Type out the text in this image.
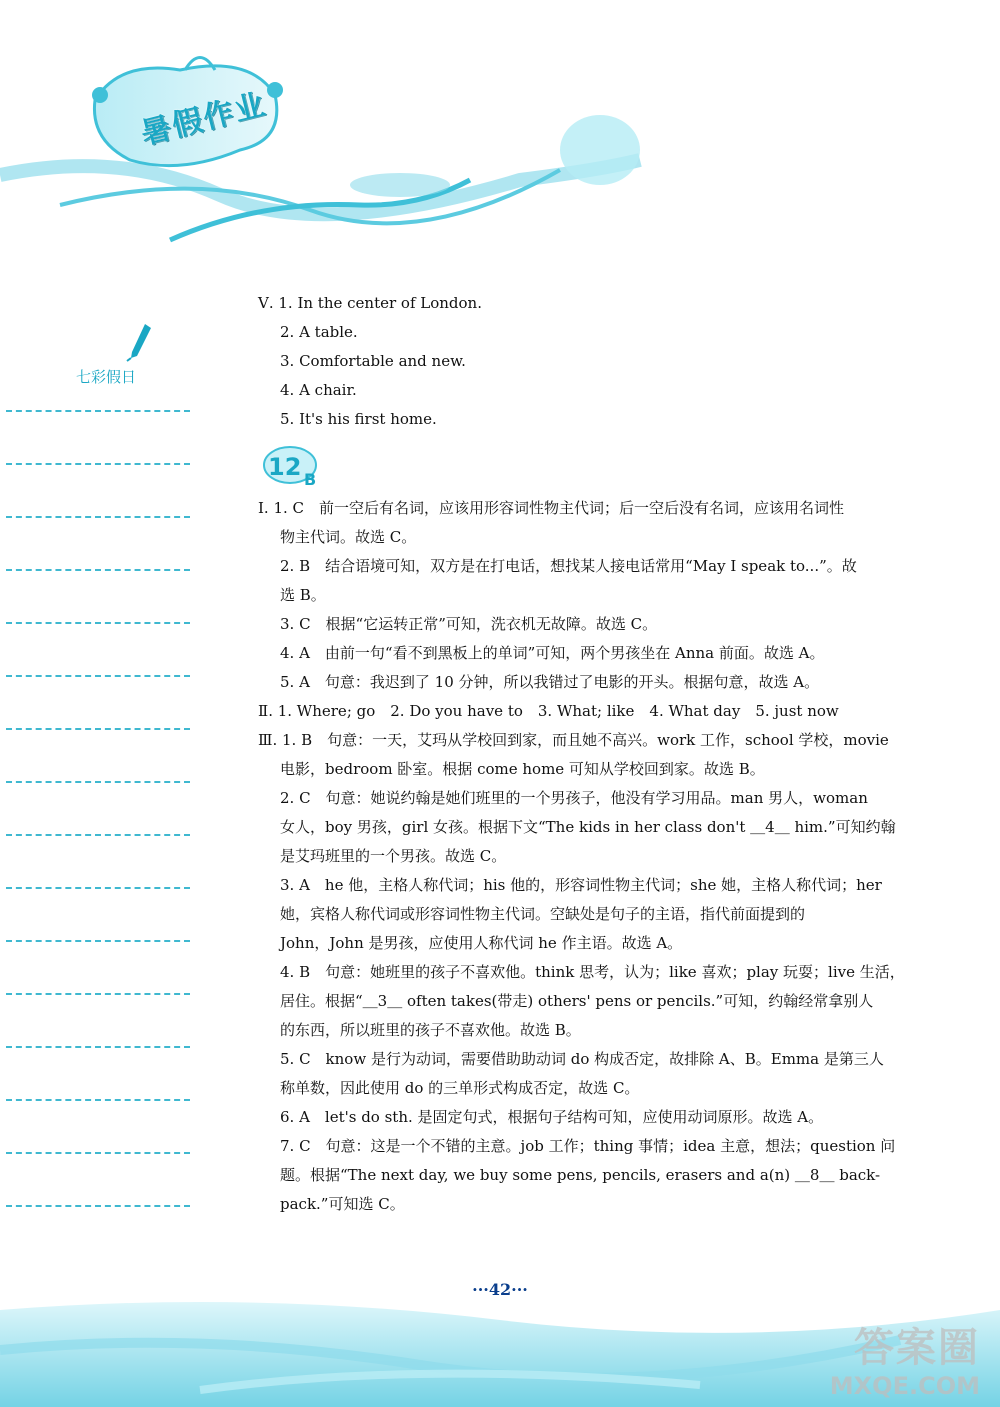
暑假作业
七彩假日
12 B
Ⅴ. 1. In the center of London.
2. A table.
3. Comfortable and new.
4. A chair.
5. It's his first home.
Ⅰ. 1. C　前一空后有名词，应该用形容词性物主代词；后一空后没有名词，应该用名词性
物主代词。故选 C。
2. B　结合语境可知，双方是在打电话，想找某人接电话常用“May I speak to...”。故
选 B。
3. C　根据“它运转正常”可知，洗衣机无故障。故选 C。
4. A　由前一句“看不到黑板上的单词”可知，两个男孩坐在 Anna 前面。故选 A。
5. A　句意：我迟到了 10 分钟，所以我错过了电影的开头。根据句意，故选 A。
Ⅱ. 1. Where; go　2. Do you have to　3. What; like　4. What day　5. just now
Ⅲ. 1. B　句意：一天，艾玛从学校回到家，而且她不高兴。work 工作，school 学校，movie
电影，bedroom 卧室。根据 come home 可知从学校回到家。故选 B。
2. C　句意：她说约翰是她们班里的一个男孩子，他没有学习用品。man 男人，woman
女人，boy 男孩，girl 女孩。根据下文“The kids in her class don't ＿4＿ him.”可知约翰
是艾玛班里的一个男孩。故选 C。
3. A　he 他，主格人称代词；his 他的，形容词性物主代词；she 她，主格人称代词；her
她，宾格人称代词或形容词性物主代词。空缺处是句子的主语，指代前面提到的
John，John 是男孩，应使用人称代词 he 作主语。故选 A。
4. B　句意：她班里的孩子不喜欢他。think 思考，认为；like 喜欢；play 玩耍；live 生活，
居住。根据“＿3＿ often takes(带走) others' pens or pencils.”可知，约翰经常拿别人
的东西，所以班里的孩子不喜欢他。故选 B。
5. C　know 是行为动词，需要借助助动词 do 构成否定，故排除 A、B。Emma 是第三人
称单数，因此使用 do 的三单形式构成否定，故选 C。
6. A　let's do sth. 是固定句式，根据句子结构可知，应使用动词原形。故选 A。
7. C　句意：这是一个不错的主意。job 工作；thing 事情；idea 主意，想法；question 问
题。根据“The next day, we buy some pens, pencils, erasers and a(n) ＿8＿ back-
pack.”可知选 C。
···42···
答案圈
MXQE.COM
